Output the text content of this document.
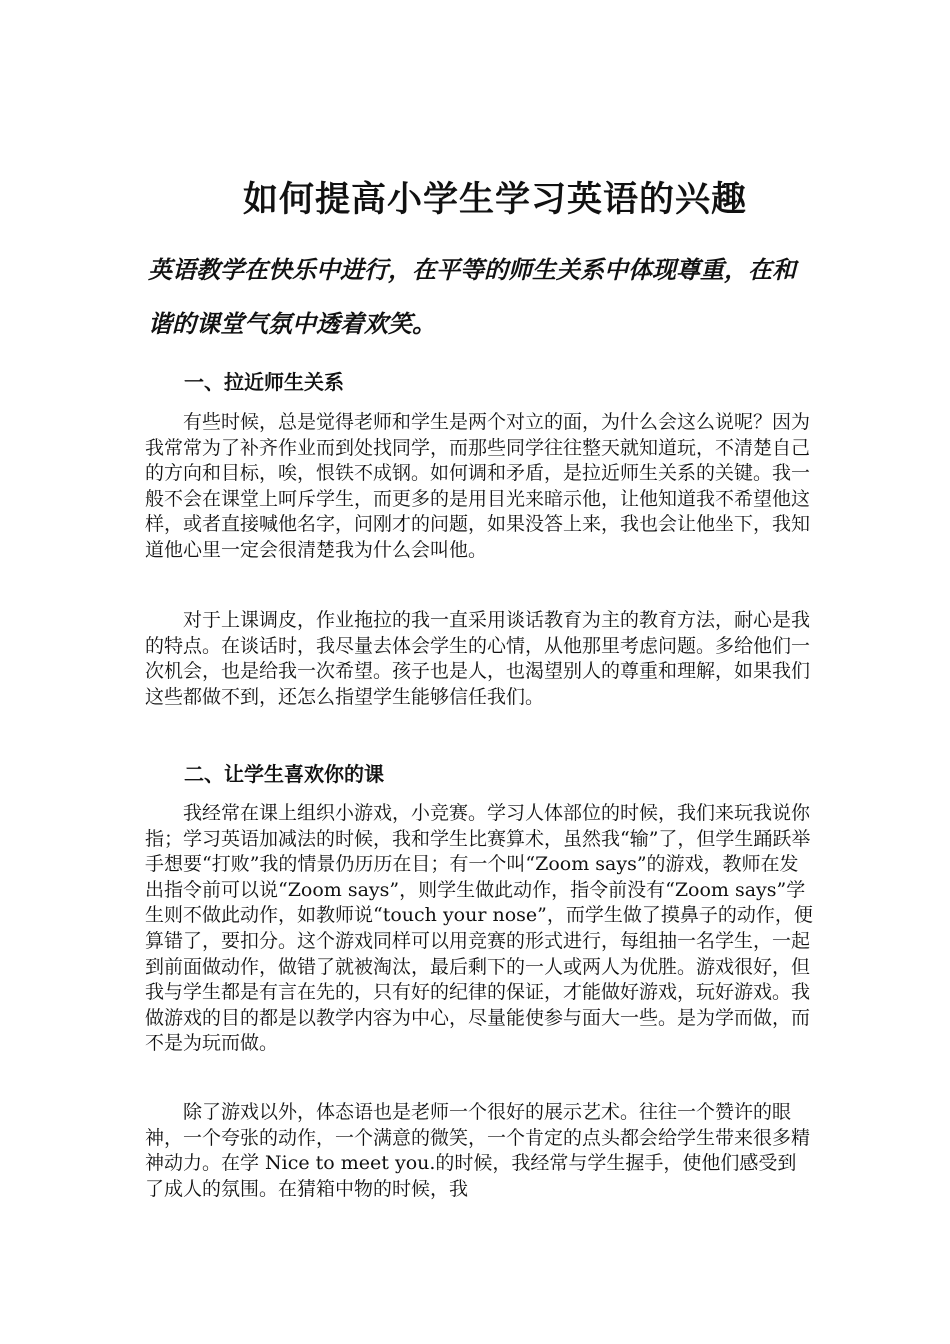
如何提高小学生学习英语的兴趣

英语教学在快乐中进行，在平等的师生关系中体现尊重，在和谐的课堂气氛中透着欢笑。

一、拉近师生关系

有些时候，总是觉得老师和学生是两个对立的面，为什么会这么说呢？因为我常常为了补齐作业而到处找同学，而那些同学往往整天就知道玩，不清楚自己的方向和目标，唉，恨铁不成钢。如何调和矛盾，是拉近师生关系的关键。我一般不会在课堂上呵斥学生，而更多的是用目光来暗示他，让他知道我不希望他这样，或者直接喊他名字，问刚才的问题，如果没答上来，我也会让他坐下，我知道他心里一定会很清楚我为什么会叫他。

对于上课调皮，作业拖拉的我一直采用谈话教育为主的教育方法，耐心是我的特点。在谈话时，我尽量去体会学生的心情，从他那里考虑问题。多给他们一次机会，也是给我一次希望。孩子也是人，也渴望别人的尊重和理解，如果我们这些都做不到，还怎么指望学生能够信任我们。

二、让学生喜欢你的课

我经常在课上组织小游戏，小竞赛。学习人体部位的时候，我们来玩我说你指；学习英语加减法的时候，我和学生比赛算术，虽然我“输”了，但学生踊跃举手想要“打败”我的情景仍历历在目；有一个叫“Zoom says”的游戏，教师在发出指令前可以说“Zoom says”，则学生做此动作，指令前没有“Zoom says”学生则不做此动作，如教师说“touch your nose”，而学生做了摸鼻子的动作，便算错了，要扣分。这个游戏同样可以用竞赛的形式进行，每组抽一名学生，一起到前面做动作，做错了就被淘汰，最后剩下的一人或两人为优胜。游戏很好，但我与学生都是有言在先的，只有好的纪律的保证，才能做好游戏，玩好游戏。我做游戏的目的都是以教学内容为中心，尽量能使参与面大一些。是为学而做，而不是为玩而做。

除了游戏以外，体态语也是老师一个很好的展示艺术。往往一个赞许的眼神，一个夸张的动作，一个满意的微笑，一个肯定的点头都会给学生带来很多精神动力。在学 Nice to meet you.的时候，我经常与学生握手，使他们感受到了成人的氛围。在猜箱中物的时候，我
